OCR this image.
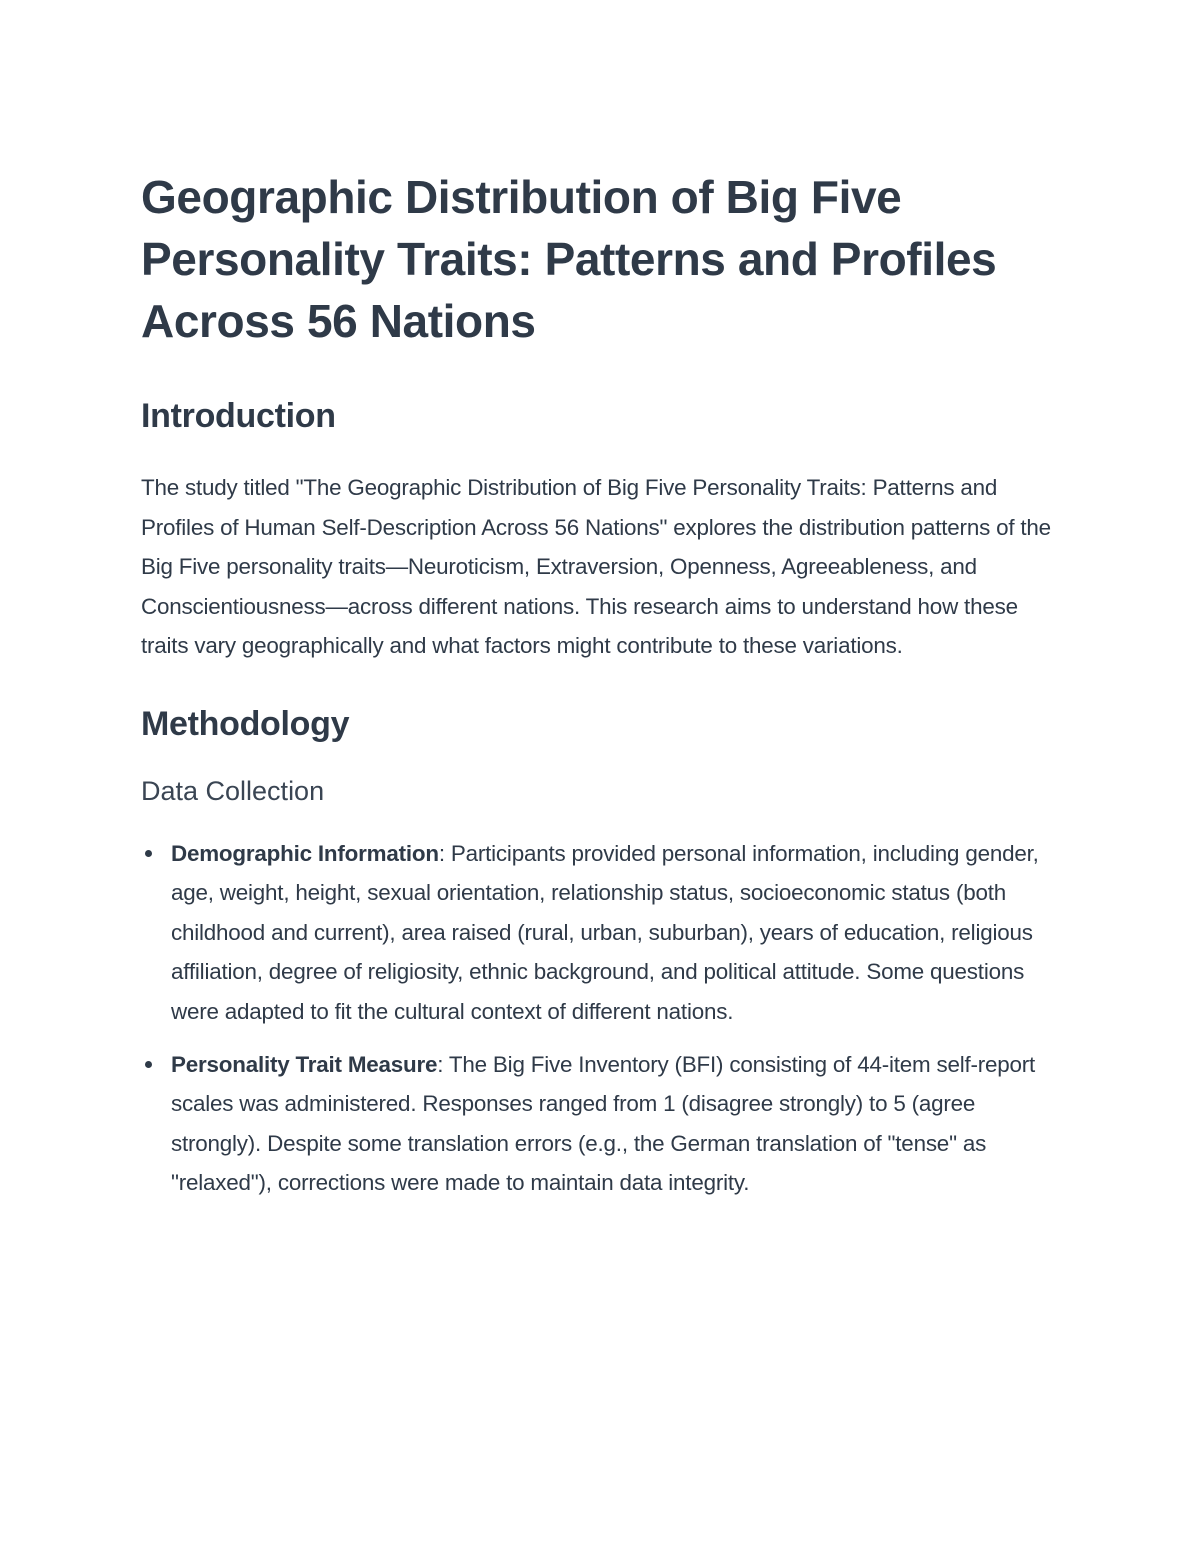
Geographic Distribution of Big Five Personality Traits: Patterns and Profiles Across 56 Nations
Introduction

The study titled "The Geographic Distribution of Big Five Personality Traits: Patterns and Profiles of Human Self-Description Across 56 Nations" explores the distribution patterns of the Big Five personality traits—Neuroticism, Extraversion, Openness, Agreeableness, and Conscientiousness—across different nations. This research aims to understand how these traits vary geographically and what factors might contribute to these variations.

Methodology
Data Collection
Demographic Information: Participants provided personal information, including gender, age, weight, height, sexual orientation, relationship status, socioeconomic status (both childhood and current), area raised (rural, urban, suburban), years of education, religious affiliation, degree of religiosity, ethnic background, and political attitude. Some questions were adapted to fit the cultural context of different nations.
Personality Trait Measure: The Big Five Inventory (BFI) consisting of 44-item self-report scales was administered. Responses ranged from 1 (disagree strongly) to 5 (agree strongly). Despite some translation errors (e.g., the German translation of "tense" as "relaxed"), corrections were made to maintain data integrity.
